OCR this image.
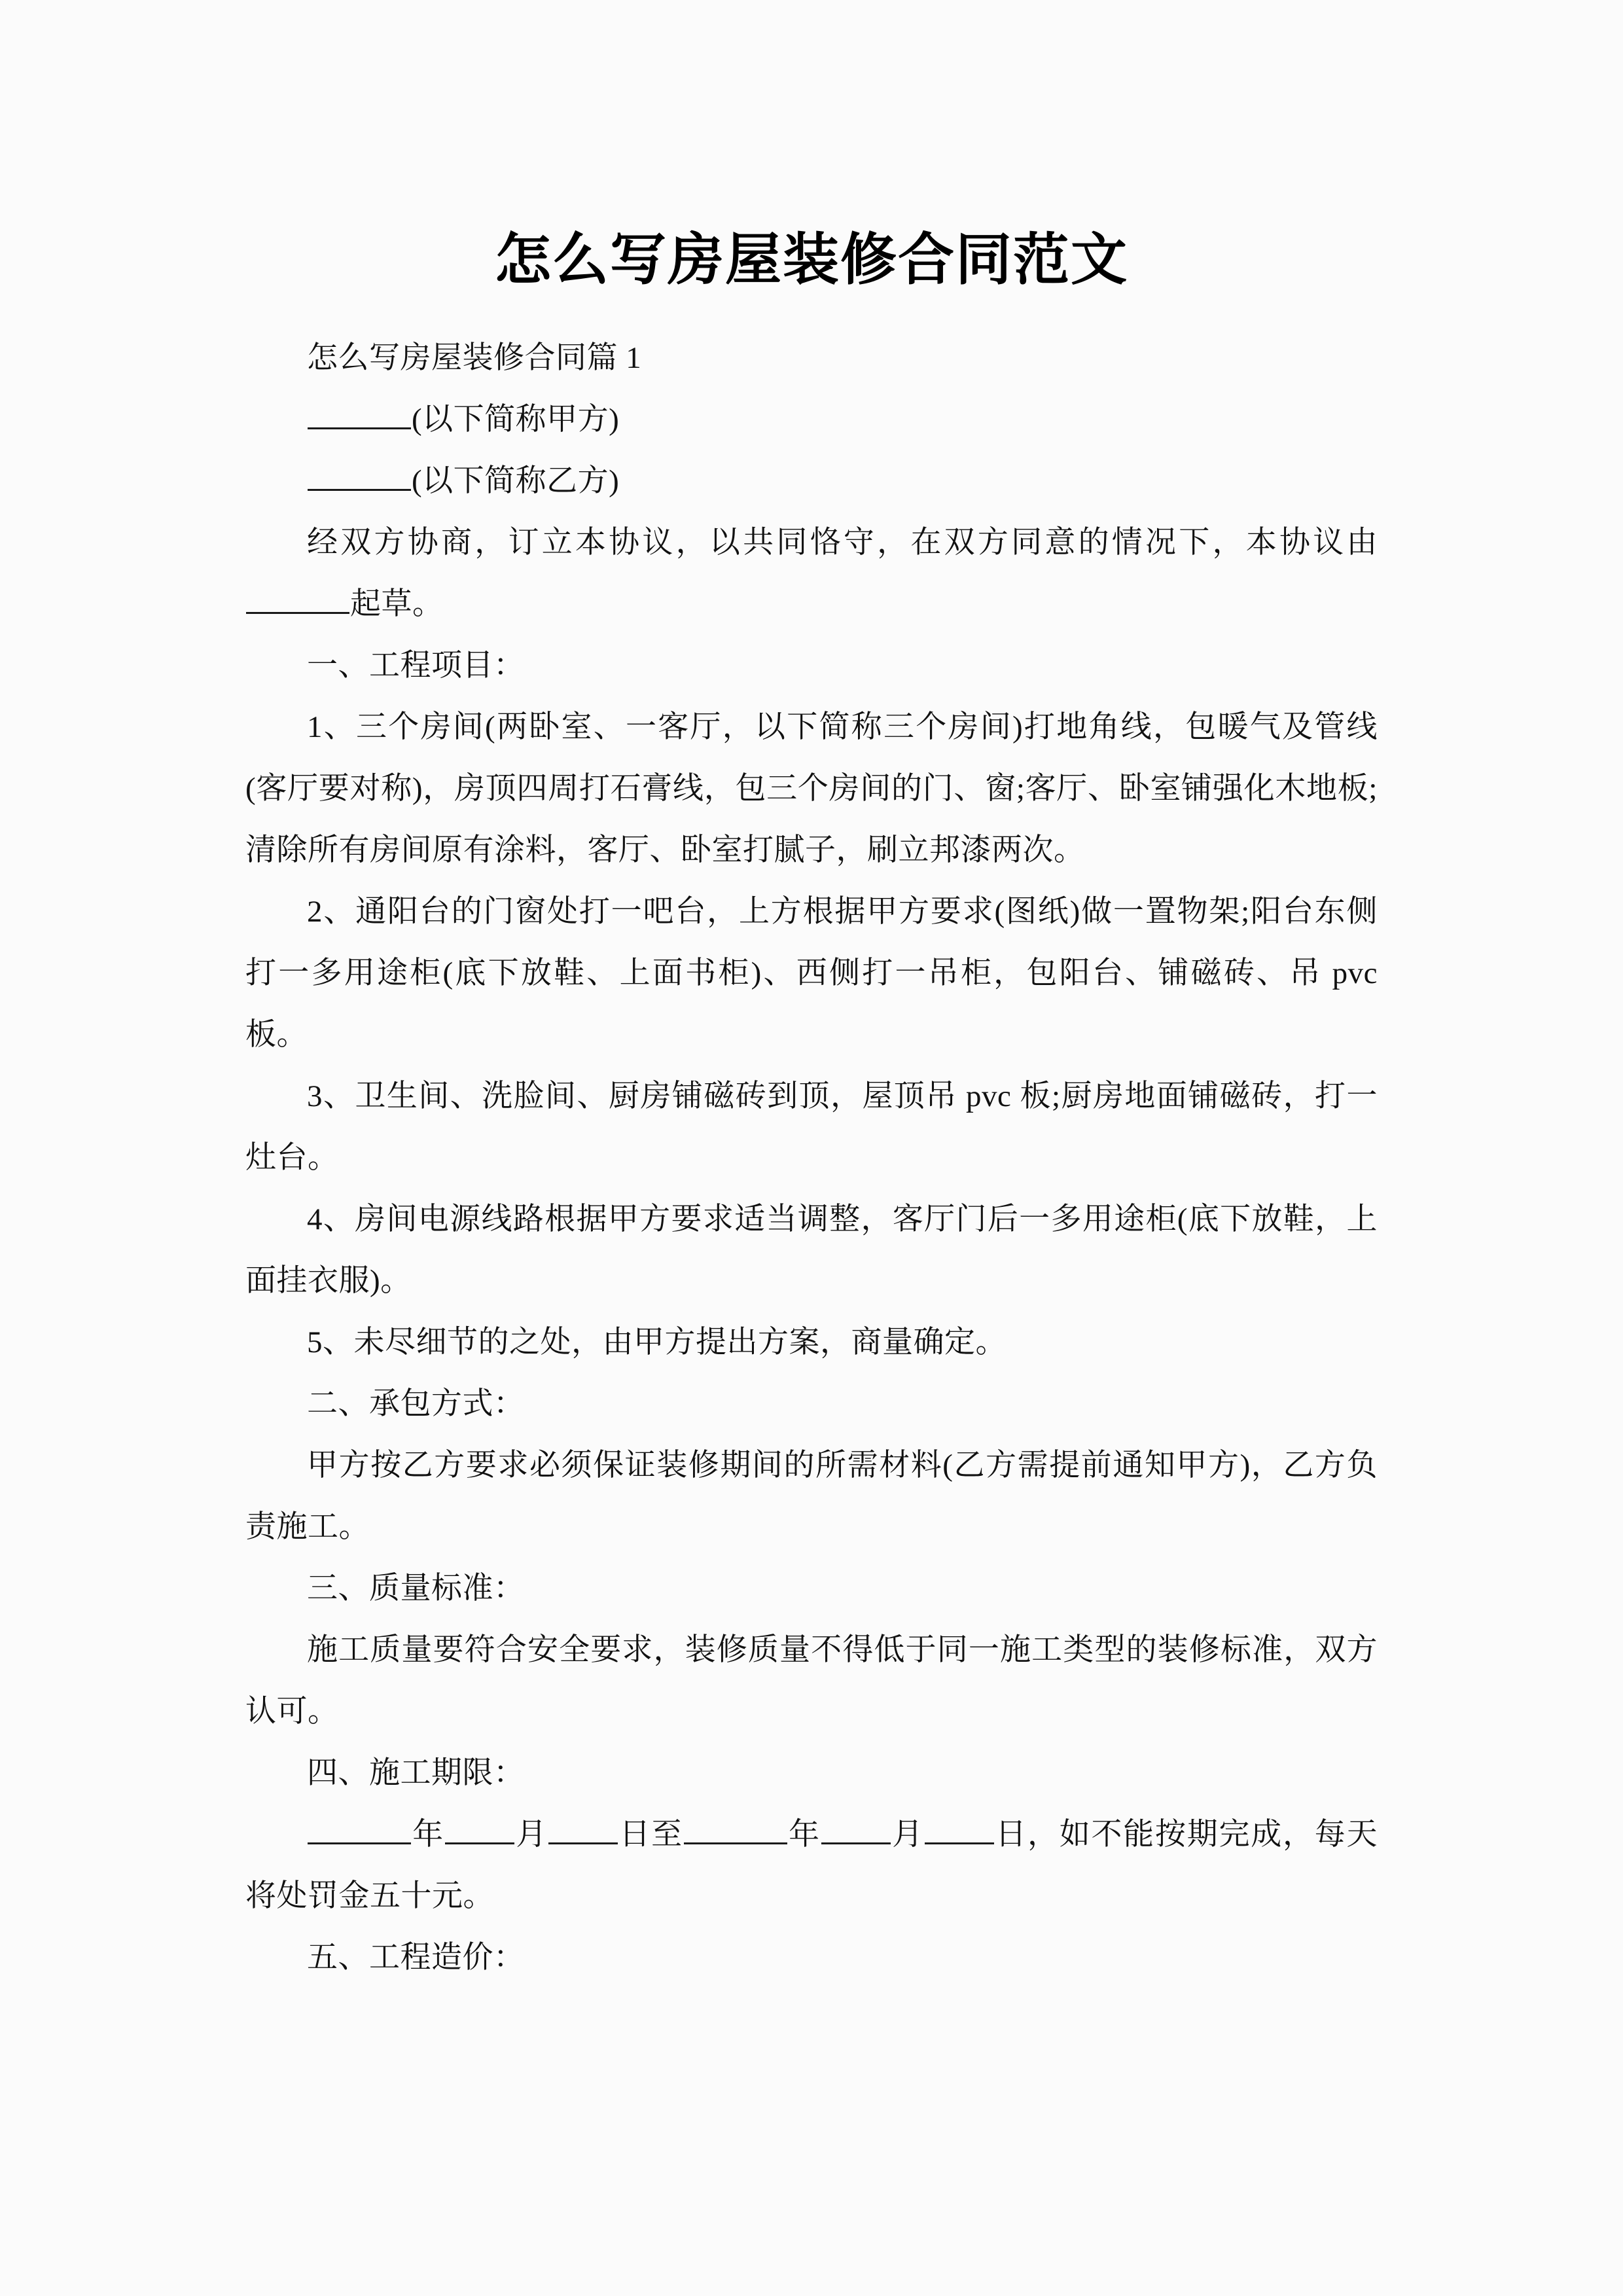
怎么写房屋装修合同范文

怎么写房屋装修合同篇 1

(以下简称甲方)

(以下简称乙方)

经双方协商，订立本协议，以共同恪守，在双方同意的情况下，本协议由起草。

一、工程项目：

1、三个房间(两卧室、一客厅，以下简称三个房间)打地角线，包暖气及管线(客厅要对称)，房顶四周打石膏线，包三个房间的门、窗;客厅、卧室铺强化木地板;清除所有房间原有涂料，客厅、卧室打腻子，刷立邦漆两次。

2、通阳台的门窗处打一吧台，上方根据甲方要求(图纸)做一置物架;阳台东侧打一多用途柜(底下放鞋、上面书柜)、西侧打一吊柜，包阳台、铺磁砖、吊 pvc 板。

3、卫生间、洗脸间、厨房铺磁砖到顶，屋顶吊 pvc 板;厨房地面铺磁砖，打一灶台。

4、房间电源线路根据甲方要求适当调整，客厅门后一多用途柜(底下放鞋，上面挂衣服)。

5、未尽细节的之处，由甲方提出方案，商量确定。

二、承包方式：

甲方按乙方要求必须保证装修期间的所需材料(乙方需提前通知甲方)，乙方负责施工。

三、质量标准：

施工质量要符合安全要求，装修质量不得低于同一施工类型的装修标准，双方认可。

四、施工期限：

年 月 日至	年 月 日，如不能按期完成，每天将处罚金五十元。

五、工程造价：
